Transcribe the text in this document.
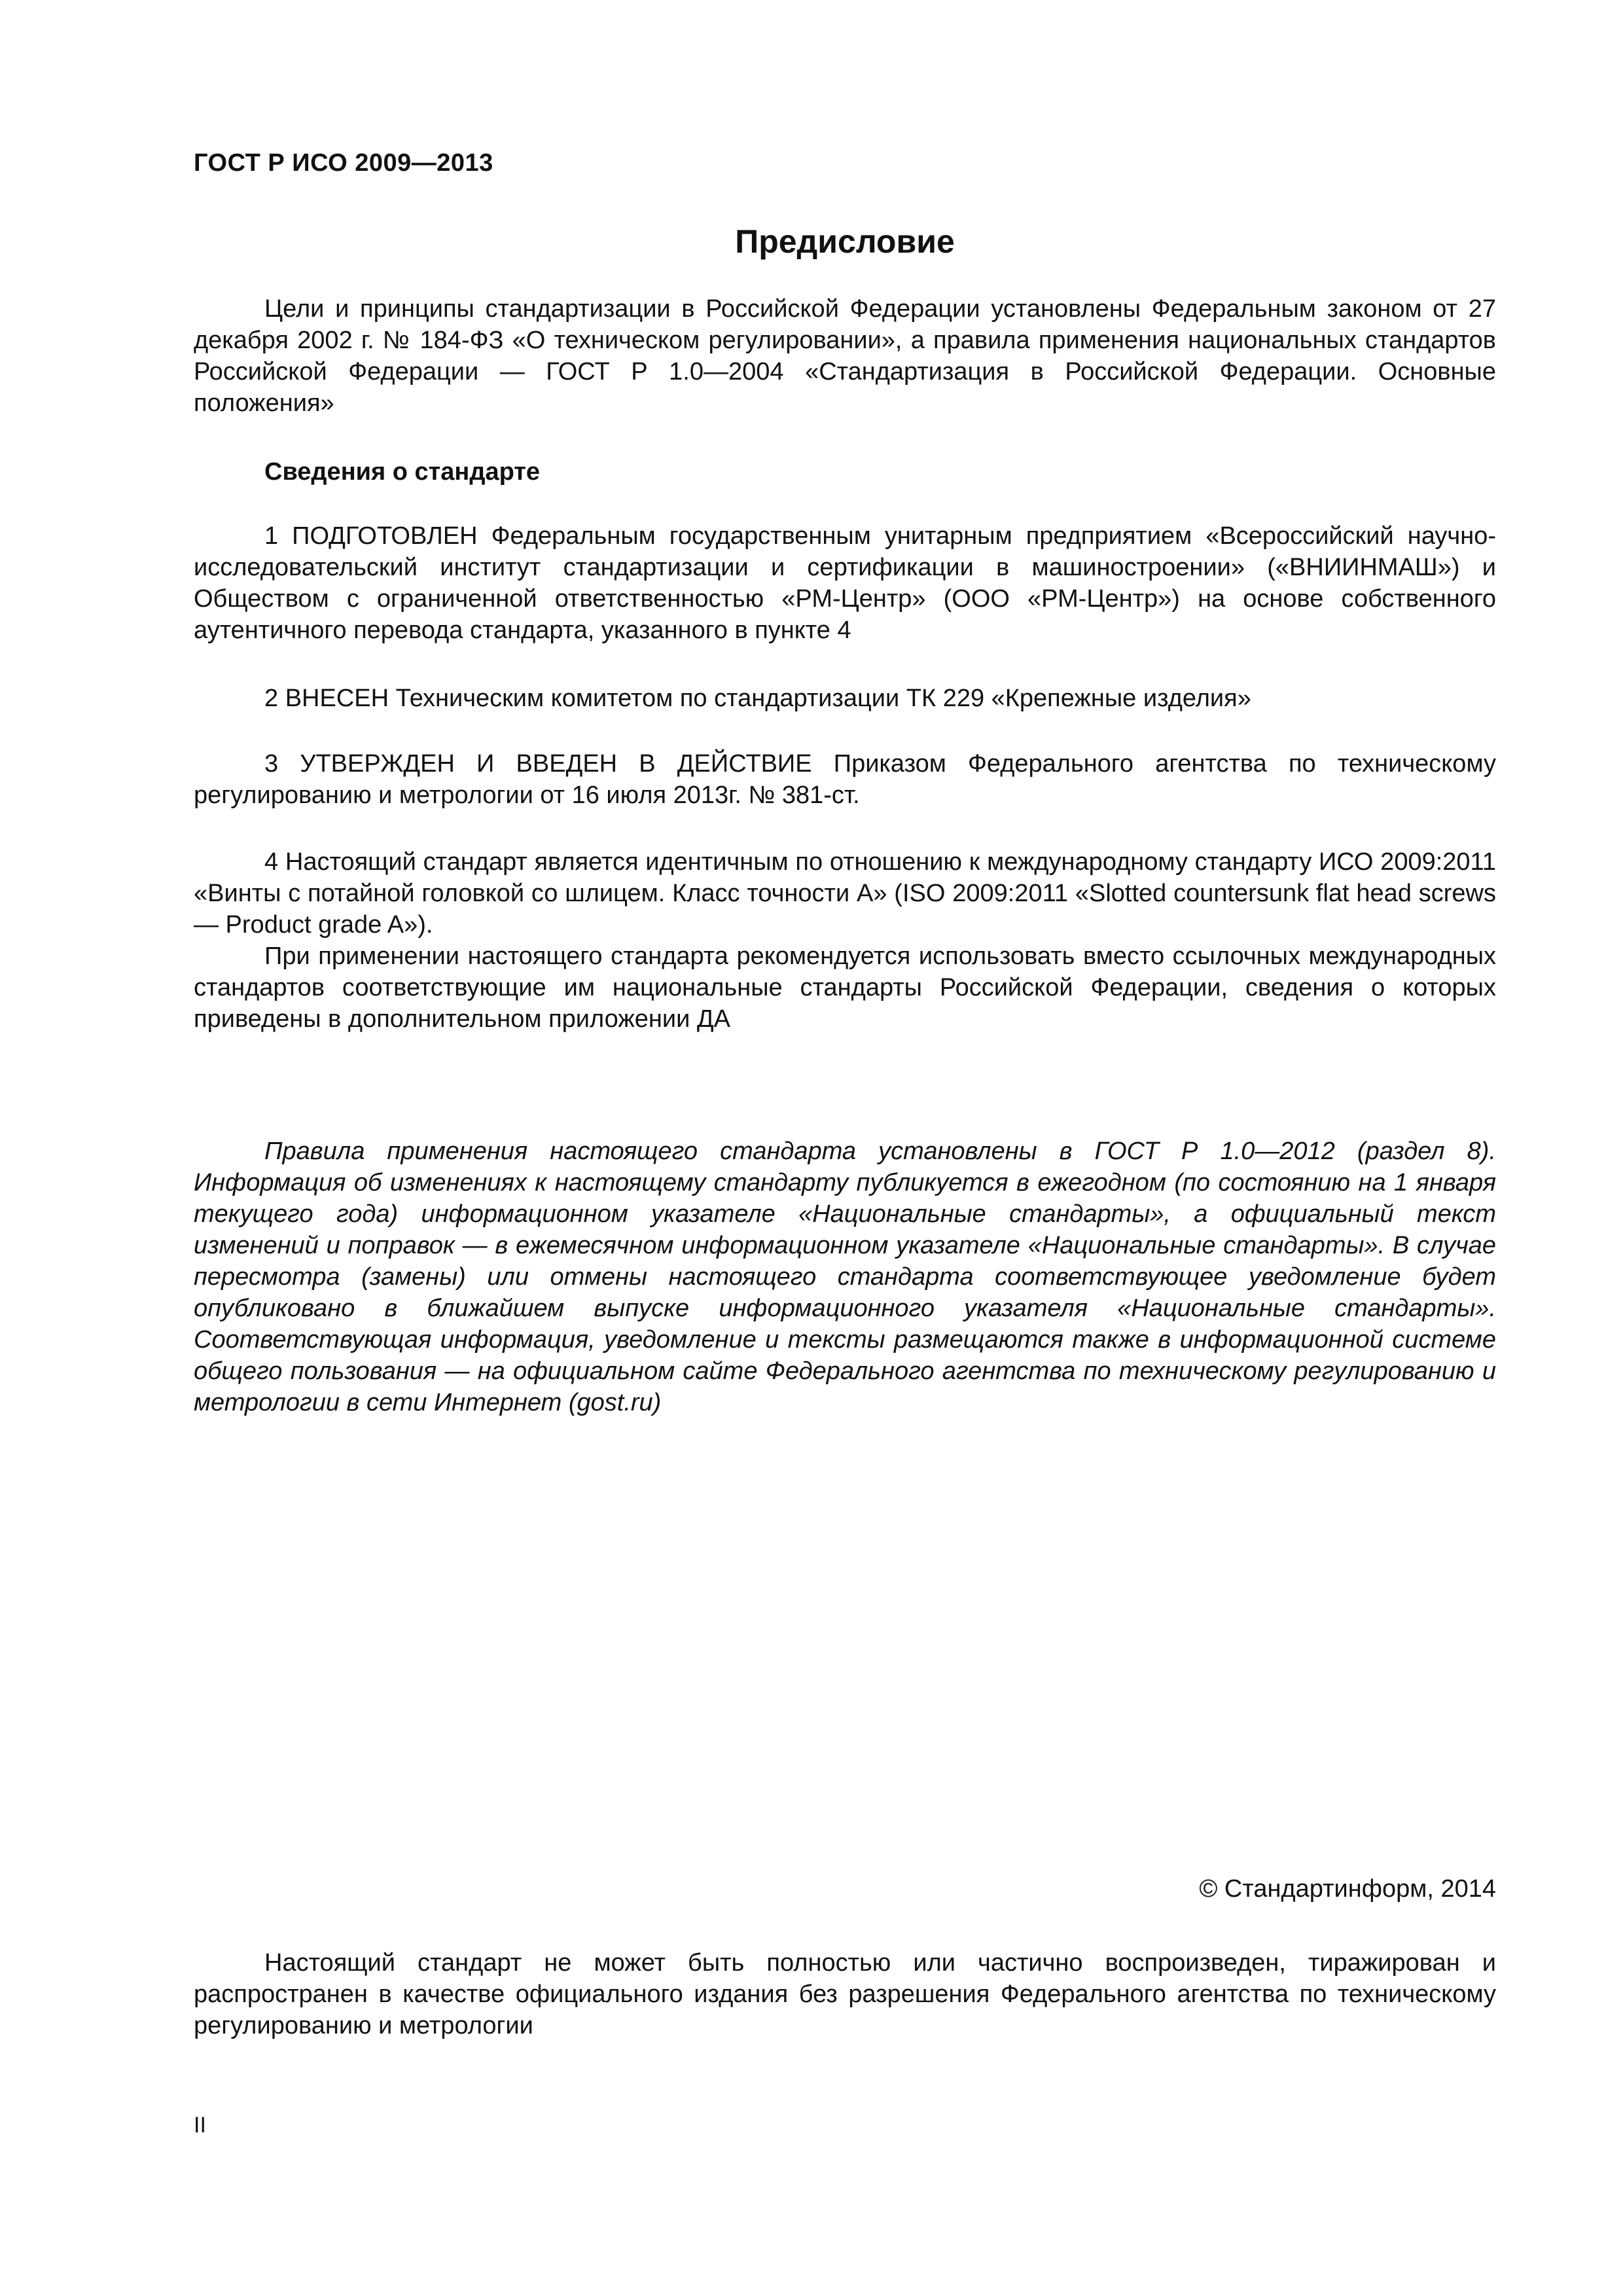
ГОСТ Р ИСО 2009—2013
Предисловие

Цели и принципы стандартизации в Российской Федерации установлены Федеральным законом от 27 декабря 2002 г. № 184-ФЗ «О техническом регулировании», а правила применения национальных стандартов Российской Федерации — ГОСТ Р 1.0—2004 «Стандартизация в Российской Федерации. Основные положения»

Сведения о стандарте

1 ПОДГОТОВЛЕН Федеральным государственным унитарным предприятием «Всероссийский научно-исследовательский институт стандартизации и сертификации в машиностроении» («ВНИИНМАШ») и Обществом с ограниченной ответственностью «РМ-Центр» (ООО «РМ-Центр») на основе собственного аутентичного перевода стандарта, указанного в пункте 4

2 ВНЕСЕН Техническим комитетом по стандартизации ТК 229 «Крепежные изделия»

3 УТВЕРЖДЕН И ВВЕДЕН В ДЕЙСТВИЕ Приказом Федерального агентства по техническому регулированию и метрологии от 16 июля 2013г. № 381-ст.

4 Настоящий стандарт является идентичным по отношению к международному стандарту ИСО 2009:2011 «Винты с потайной головкой со шлицем. Класс точности А» (ISO 2009:2011 «Slotted countersunk flat head screws — Product grade A»).

При применении настоящего стандарта рекомендуется использовать вместо ссылочных международных стандартов соответствующие им национальные стандарты Российской Федерации, сведения о которых приведены в дополнительном приложении ДА

Правила применения настоящего стандарта установлены в ГОСТ Р 1.0—2012 (раздел 8). Информация об изменениях к настоящему стандарту публикуется в ежегодном (по состоянию на 1 января текущего года) информационном указателе «Национальные стандарты», а официальный текст изменений и поправок — в ежемесячном информационном указателе «Национальные стандарты». В случае пересмотра (замены) или отмены настоящего стандарта соответствующее уведомление будет опубликовано в ближайшем выпуске информационного указателя «Национальные стандарты». Соответствующая информация, уведомление и тексты размещаются также в информационной системе общего пользования — на официальном сайте Федерального агентства по техническому регулированию и метрологии в сети Интернет (gost.ru)

© Стандартинформ, 2014

Настоящий стандарт не может быть полностью или частично воспроизведен, тиражирован и распространен в качестве официального издания без разрешения Федерального агентства по техническому регулированию и метрологии

II
